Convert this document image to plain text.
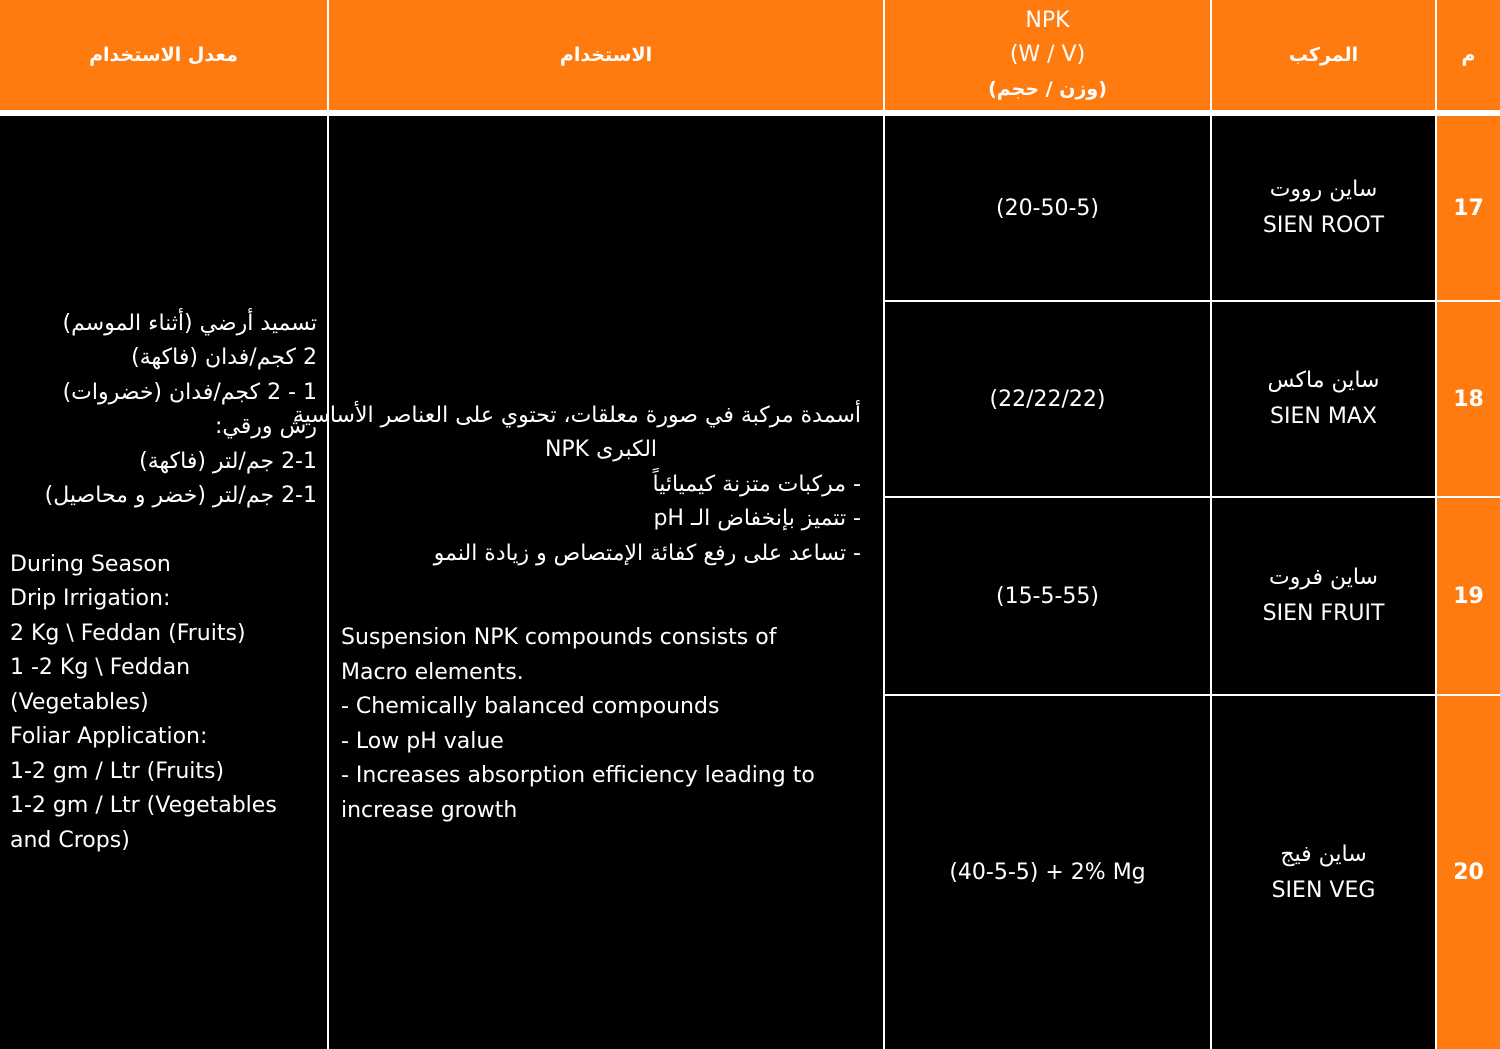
معدل الاستخدام	الاستخدام
NPK
(W / V)
(وزن / حجم)
المركب	م
تسميد أرضي (أثناء الموسم)
2 كجم/فدان (فاكهة)
1 - 2 كجم/فدان (خضروات)
رش ورقي:
2-1 جم/لتر (فاكهة)
2-1 جم/لتر (خضر و محاصيل)
During Season
Drip Irrigation:
2 Kg \ Feddan (Fruits)
1 -2 Kg \ Feddan
(Vegetables)
Foliar Application:
1-2 gm / Ltr (Fruits)
1-2 gm / Ltr (Vegetables
and Crops)
أسمدة مركبة في صورة معلقات، تحتوي على العناصر الأساسية
الكبرى NPK
- مركبات متزنة كيميائياً
- تتميز بإنخفاض الـ pH
- تساعد على رفع كفائة الإمتصاص و زيادة النمو
Suspension NPK compounds consists of
Macro elements.
- Chemically balanced compounds
- Low pH value
- Increases absorption efficiency leading to
increase growth
(20-50-5)
ساين رووت
SIEN ROOT
17
(22/22/22)
ساين ماكس
SIEN MAX
18
(15-5-55)
ساين فروت
SIEN FRUIT
19
(40-5-5) + 2% Mg
ساين فيج
SIEN VEG
20
